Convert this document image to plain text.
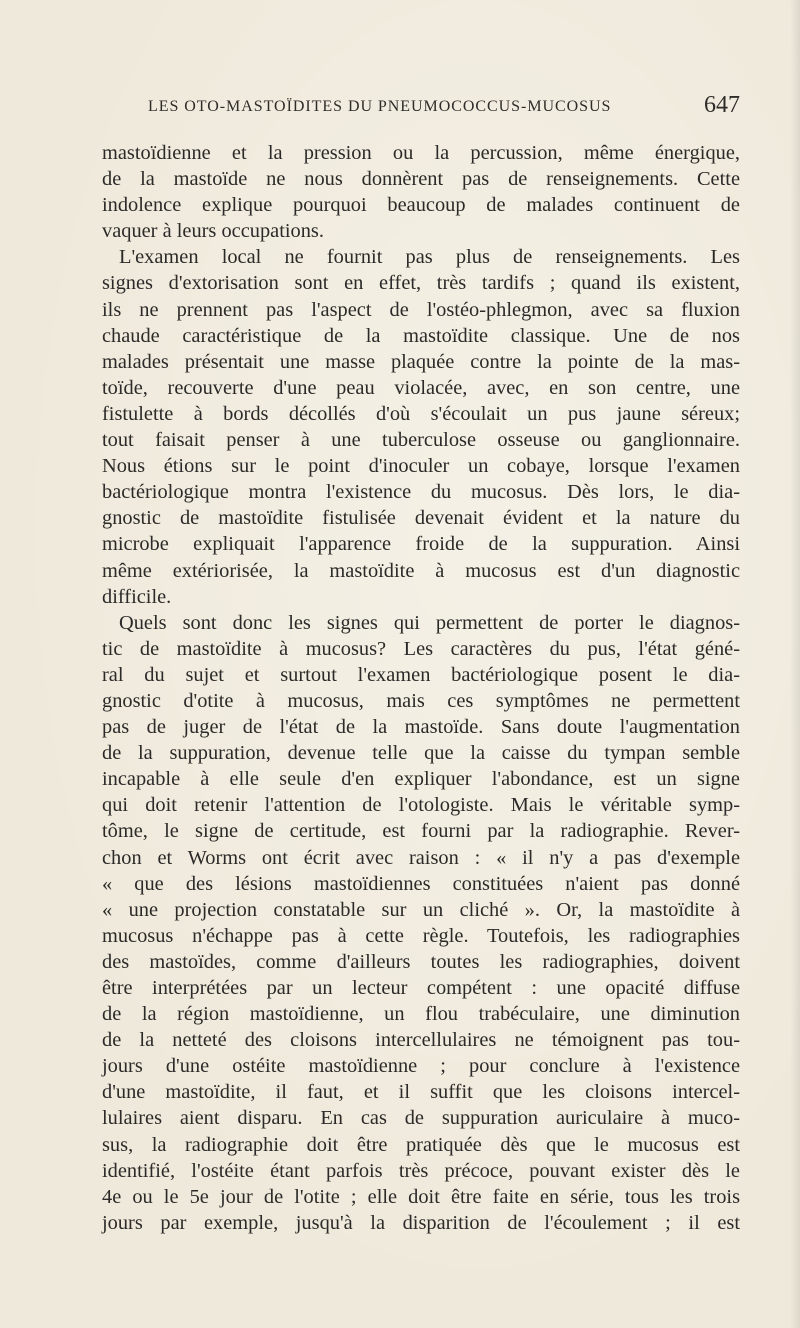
LES OTO-MASTOÏDITES DU PNEUMOCOCCUS-MUCOSUS	647
mastoïdienne et la pression ou la percussion, même énergique,
de la mastoïde ne nous donnèrent pas de renseignements. Cette
indolence explique pourquoi beaucoup de malades continuent de
vaquer à leurs occupations.
L'examen local ne fournit pas plus de renseignements. Les
signes d'extorisation sont en effet, très tardifs ; quand ils existent,
ils ne prennent pas l'aspect de l'ostéo-phlegmon, avec sa fluxion
chaude caractéristique de la mastoïdite classique. Une de nos
malades présentait une masse plaquée contre la pointe de la mas-
toïde, recouverte d'une peau violacée, avec, en son centre, une
fistulette à bords décollés d'où s'écoulait un pus jaune séreux;
tout faisait penser à une tuberculose osseuse ou ganglionnaire.
Nous étions sur le point d'inoculer un cobaye, lorsque l'examen
bactériologique montra l'existence du mucosus. Dès lors, le dia-
gnostic de mastoïdite fistulisée devenait évident et la nature du
microbe expliquait l'apparence froide de la suppuration. Ainsi
même extériorisée, la mastoïdite à mucosus est d'un diagnostic
difficile.
Quels sont donc les signes qui permettent de porter le diagnos-
tic de mastoïdite à mucosus? Les caractères du pus, l'état géné-
ral du sujet et surtout l'examen bactériologique posent le dia-
gnostic d'otite à mucosus, mais ces symptômes ne permettent
pas de juger de l'état de la mastoïde. Sans doute l'augmentation
de la suppuration, devenue telle que la caisse du tympan semble
incapable à elle seule d'en expliquer l'abondance, est un signe
qui doit retenir l'attention de l'otologiste. Mais le véritable symp-
tôme, le signe de certitude, est fourni par la radiographie. Rever-
chon et Worms ont écrit avec raison : « il n'y a pas d'exemple
« que des lésions mastoïdiennes constituées n'aient pas donné
« une projection constatable sur un cliché ». Or, la mastoïdite à
mucosus n'échappe pas à cette règle. Toutefois, les radiographies
des mastoïdes, comme d'ailleurs toutes les radiographies, doivent
être interprétées par un lecteur compétent : une opacité diffuse
de la région mastoïdienne, un flou trabéculaire, une diminution
de la netteté des cloisons intercellulaires ne témoignent pas tou-
jours d'une ostéite mastoïdienne ; pour conclure à l'existence
d'une mastoïdite, il faut, et il suffit que les cloisons intercel-
lulaires aient disparu. En cas de suppuration auriculaire à muco-
sus, la radiographie doit être pratiquée dès que le mucosus est
identifié, l'ostéite étant parfois très précoce, pouvant exister dès le
4e ou le 5e jour de l'otite ; elle doit être faite en série, tous les trois
jours par exemple, jusqu'à la disparition de l'écoulement ; il est
